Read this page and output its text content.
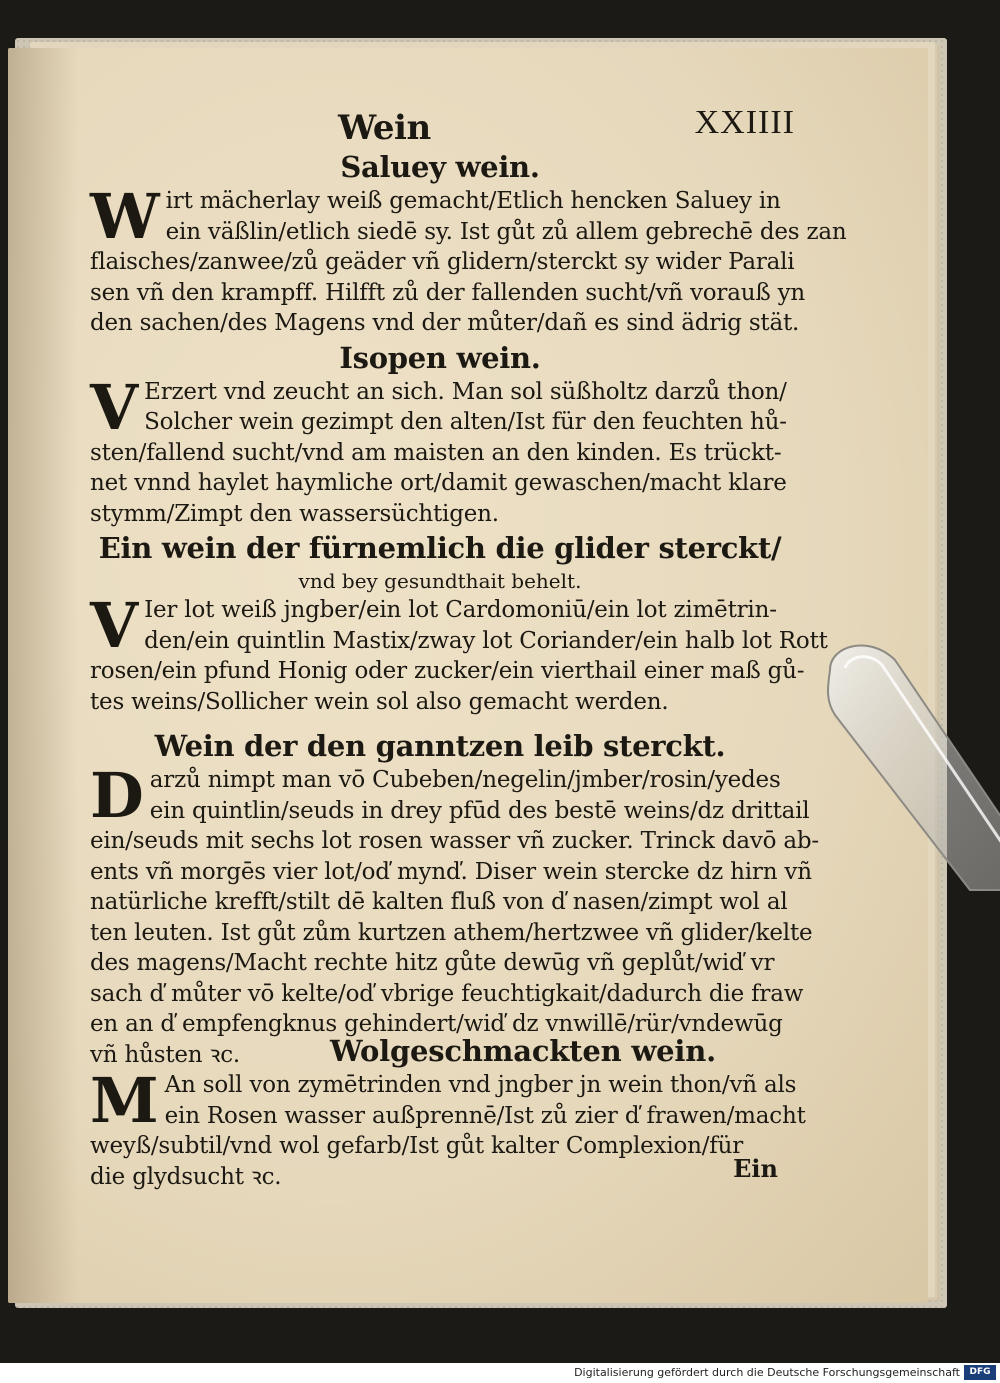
Wein	XXIIII
Saluey wein.

W irt mächerlay weiß gemacht/Etlich hencken Saluey in
ein väßlin/etlich siedē sy. Ist gůt zů allem gebrechē des zan
flaisches/zanwee/zů geäder vñ glidern/sterckt sy wider Parali
sen vñ den krampff. Hilfft zů der fallenden sucht/vñ vorauß yn
den sachen/des Magens vnd der můter/dañ es sind ädrig stät.

Isopen wein.

V Erzert vnd zeucht an sich. Man sol süßholtz darzů thon/
Solcher wein gezimpt den alten/Ist für den feuchten hů-
sten/fallend sucht/vnd am maisten an den kinden. Es trückt-
net vnnd haylet haymliche ort/damit gewaschen/macht klare
stymm/Zimpt den wassersüchtigen.

Ein wein der fürnemlich die glider sterckt/

vnd bey gesundthait behelt.

V Ier lot weiß jngber/ein lot Cardomoniū/ein lot zimētrin-
den/ein quintlin Mastix/zway lot Coriander/ein halb lot Rott
rosen/ein pfund Honig oder zucker/ein vierthail einer maß gů-
tes weins/Sollicher wein sol also gemacht werden.

Wein der den ganntzen leib sterckt.

D arzů nimpt man vō Cubeben/negelin/jmber/rosin/yedes
ein quintlin/seuds in drey pfūd des bestē weins/dz drittail
ein/seuds mit sechs lot rosen wasser vñ zucker. Trinck davō ab-
ents vñ morgēs vier lot/oď mynď. Diser wein stercke dz hirn vñ
natürliche krefft/stilt dē kalten fluß von ď nasen/zimpt wol al
ten leuten. Ist gůt zům kurtzen athem/hertzwee vñ glider/kelte
des magens/Macht rechte hitz gůte dewūg vñ geplůt/wiď vr
sach ď můter vō kelte/oď vbrige feuchtigkait/dadurch die fraw
en an ď empfengknus gehindert/wiď dz vnwillē/rür/vndewūg
vñ hůsten ꝛc.	Wolgeschmackten wein.

M An soll von zymētrinden vnd jngber jn wein thon/vñ als
ein Rosen wasser außprennē/Ist zů zier ď frawen/macht
weyß/subtil/vnd wol gefarb/Ist gůt kalter Complexion/für
die glydsucht ꝛc.	Ein
Digitalisierung gefördert durch die Deutsche Forschungsgemeinschaft	DFG
